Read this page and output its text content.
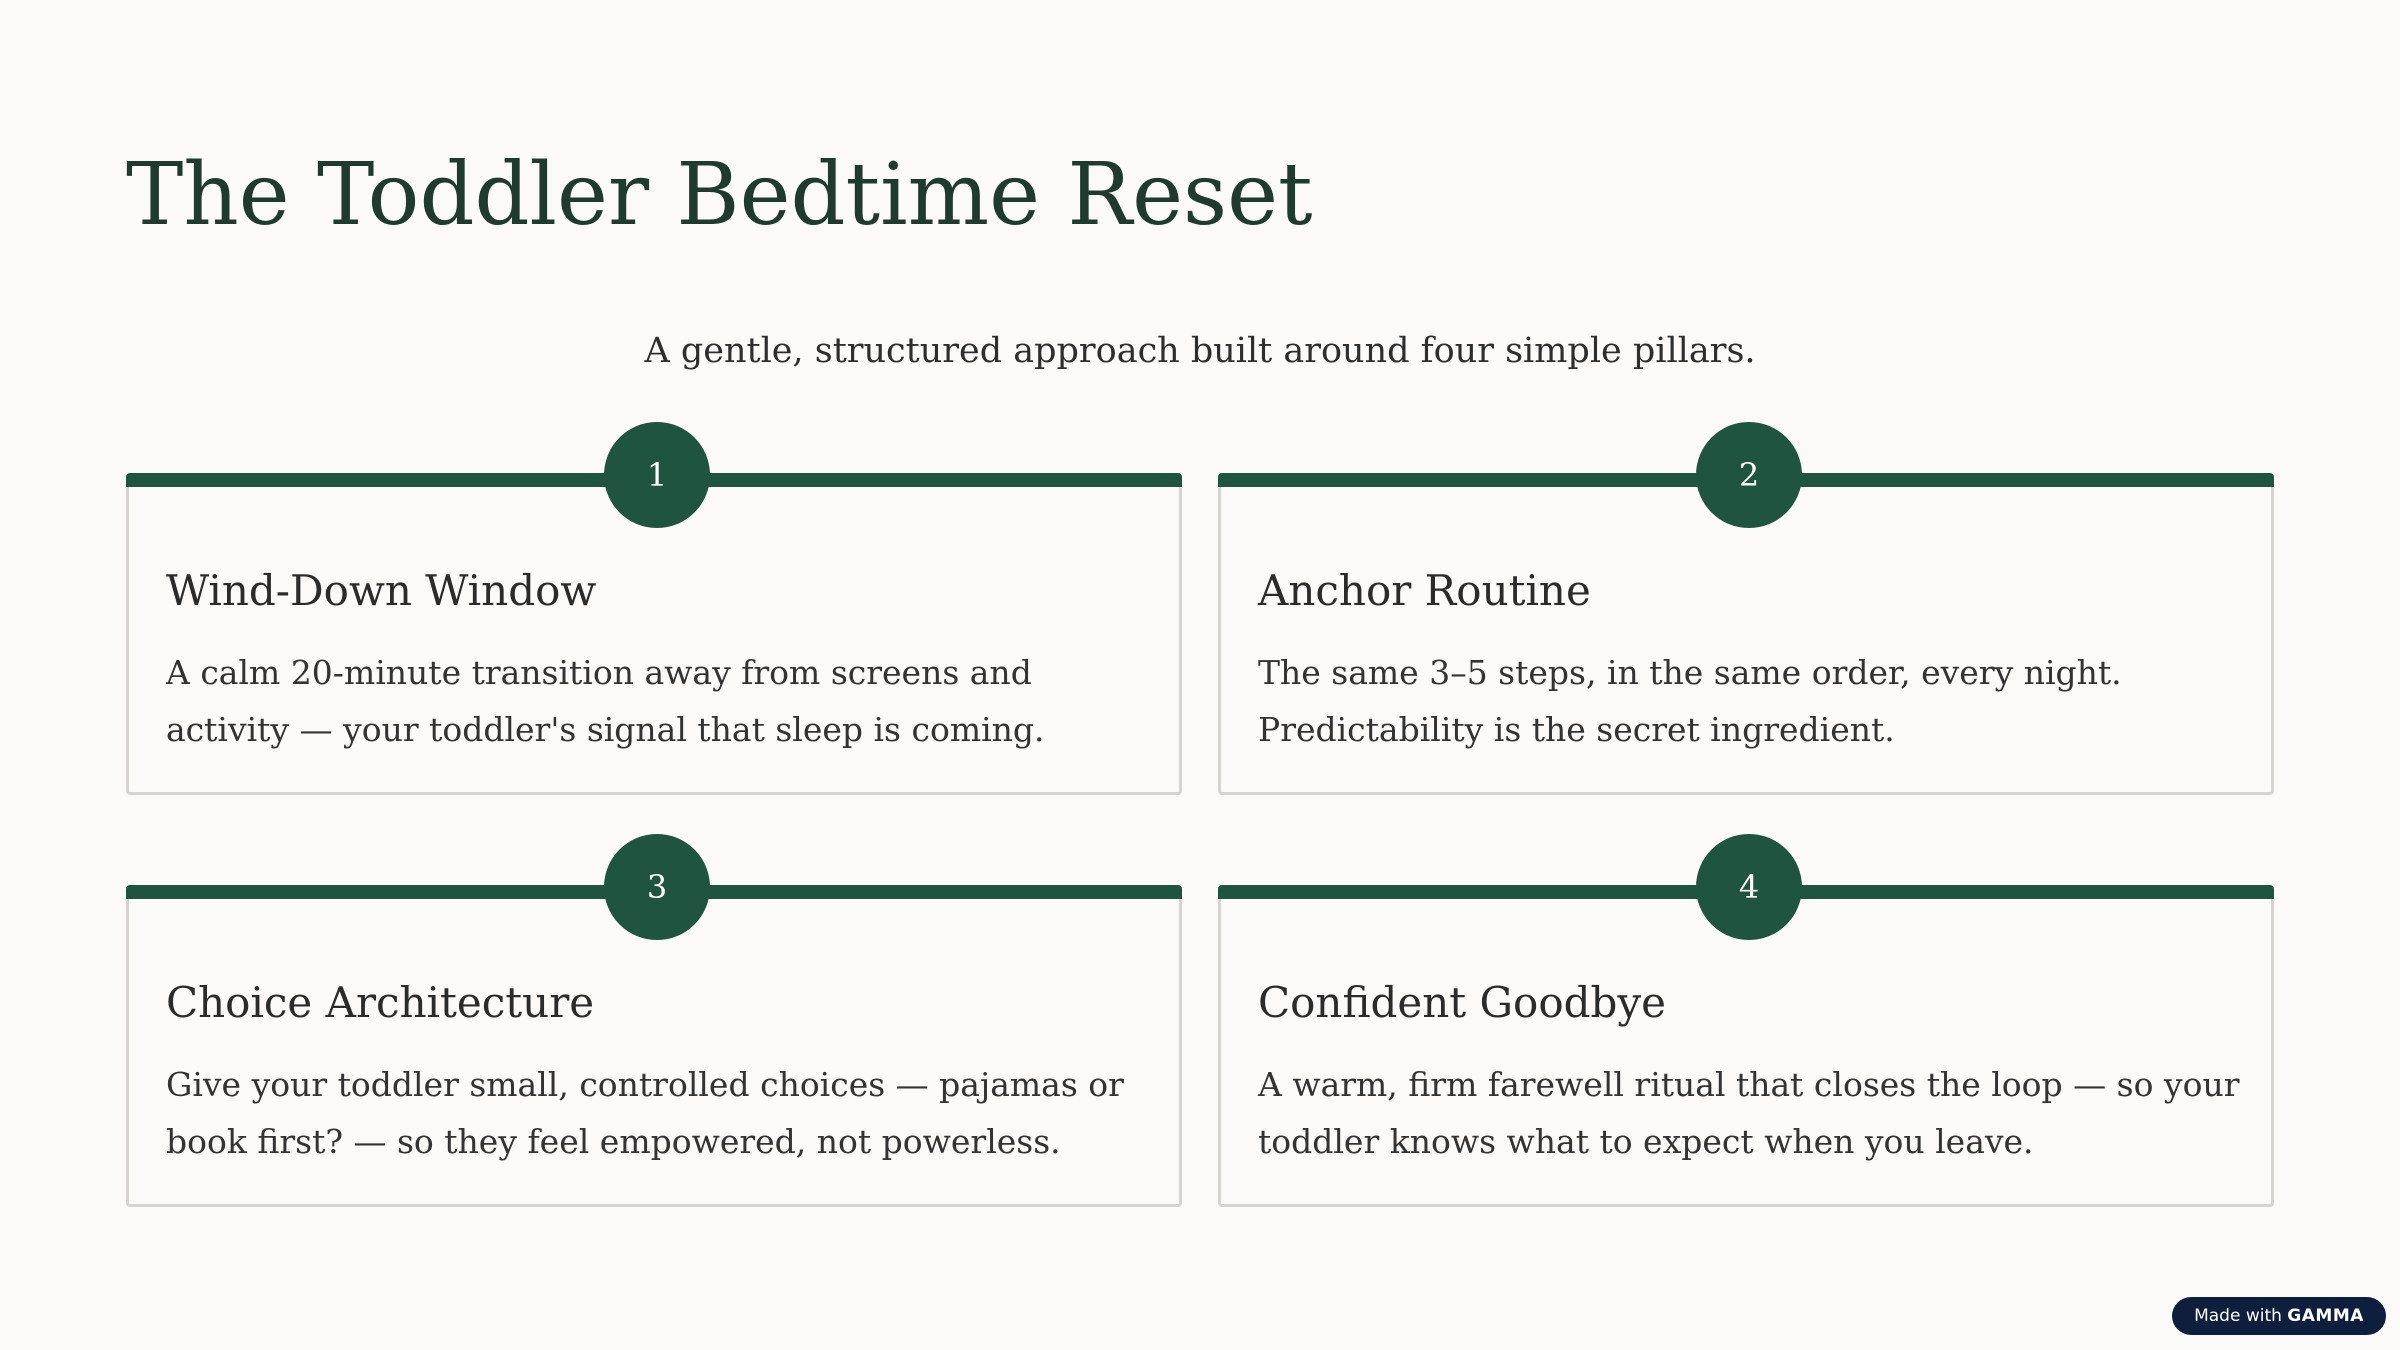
The Toddler Bedtime Reset
A gentle, structured approach built around four simple pillars.
1
Wind-Down Window

A calm 20-minute transition away from screens and activity — your toddler's signal that sleep is coming.

2
Anchor Routine

The same 3–5 steps, in the same order, every night. Predictability is the secret ingredient.

3
Choice Architecture

Give your toddler small, controlled choices — pajamas or book first? — so they feel empowered, not powerless.

4
Confident Goodbye

A warm, firm farewell ritual that closes the loop — so your toddler knows what to expect when you leave.

Made with GAMMA
